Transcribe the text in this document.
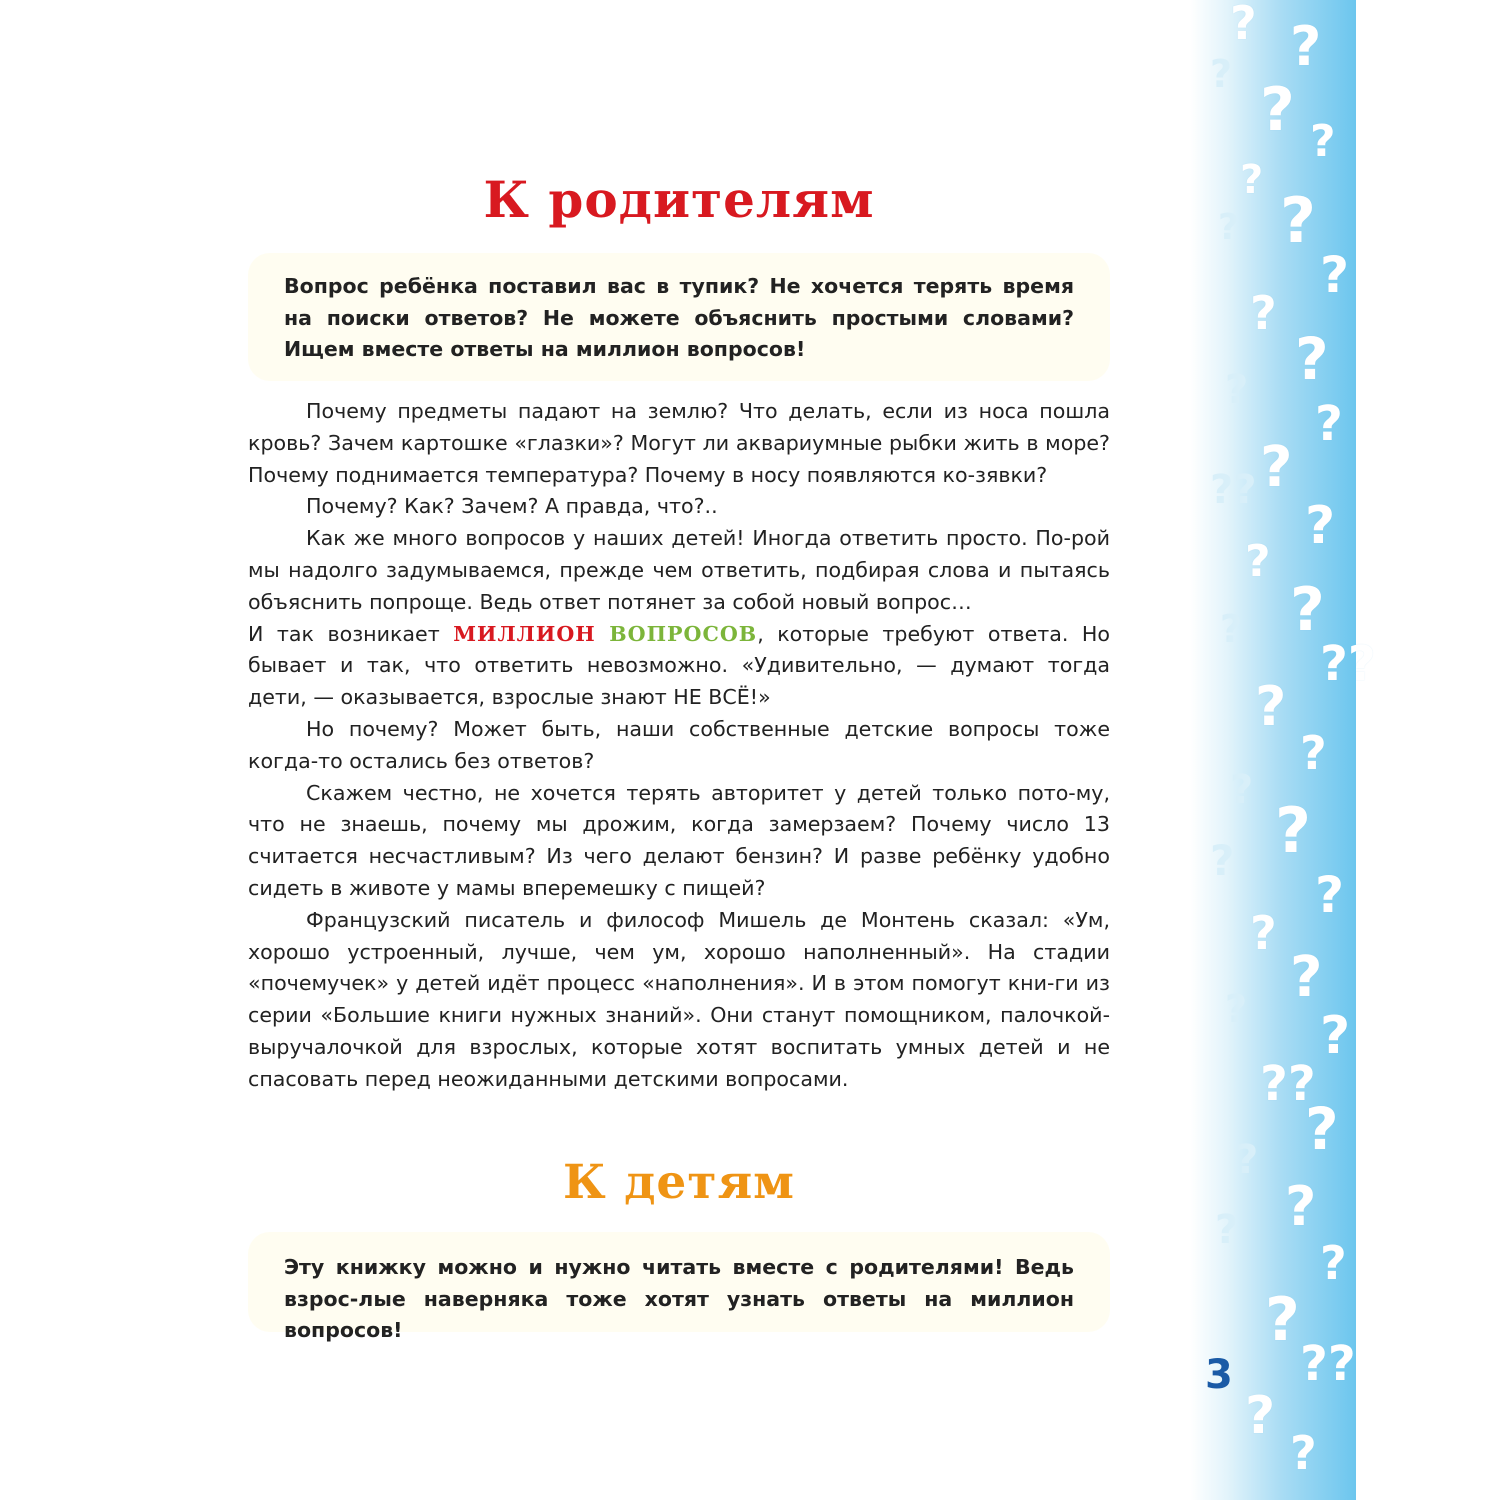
? ?
?
? ?
?
?
?
?
?
?
?
?
?
??
?
?
?
?
??
?
?
?
?
?
?
?
?
? ?
??
?
?
?
?
?
?
??
?
?
К родителям

Вопрос ребёнка поставил вас в тупик? Не хочется терять время на поиски ответов? Не можете объяснить простыми словами? Ищем вместе ответы на миллион вопросов!

Почему предметы падают на землю? Что делать, если из носа пошла кровь? Зачем картошке «глазки»? Могут ли аквариумные рыбки жить в море? Почему поднимается температура? Почему в носу появляются ко-зявки?

Почему? Как? Зачем? А правда, что?..

Как же много вопросов у наших детей! Иногда ответить просто. По-рой мы надолго задумываемся, прежде чем ответить, подбирая слова и пытаясь объяснить попроще. Ведь ответ потянет за собой новый вопрос…

И так возникает МИЛЛИОН ВОПРОСОВ, которые требуют ответа. Но бывает и так, что ответить невозможно. «Удивительно, — думают тогда дети, — оказывается, взрослые знают НЕ ВСЁ!»

Но почему? Может быть, наши собственные детские вопросы тоже когда-то остались без ответов?

Скажем честно, не хочется терять авторитет у детей только пото-му, что не знаешь, почему мы дрожим, когда замерзаем? Почему число 13 считается несчастливым? Из чего делают бензин? И разве ребёнку удобно сидеть в животе у мамы вперемешку с пищей?

Французский писатель и философ Мишель де Монтень сказал: «Ум, хорошо устроенный, лучше, чем ум, хорошо наполненный». На стадии «почемучек» у детей идёт процесс «наполнения». И в этом помогут кни-ги из серии «Большие книги нужных знаний». Они станут помощником, палочкой-выручалочкой для взрослых, которые хотят воспитать умных детей и не спасовать перед неожиданными детскими вопросами.

К детям

Эту книжку можно и нужно читать вместе с родителями! Ведь взрос-лые наверняка тоже хотят узнать ответы на миллион вопросов!

3
